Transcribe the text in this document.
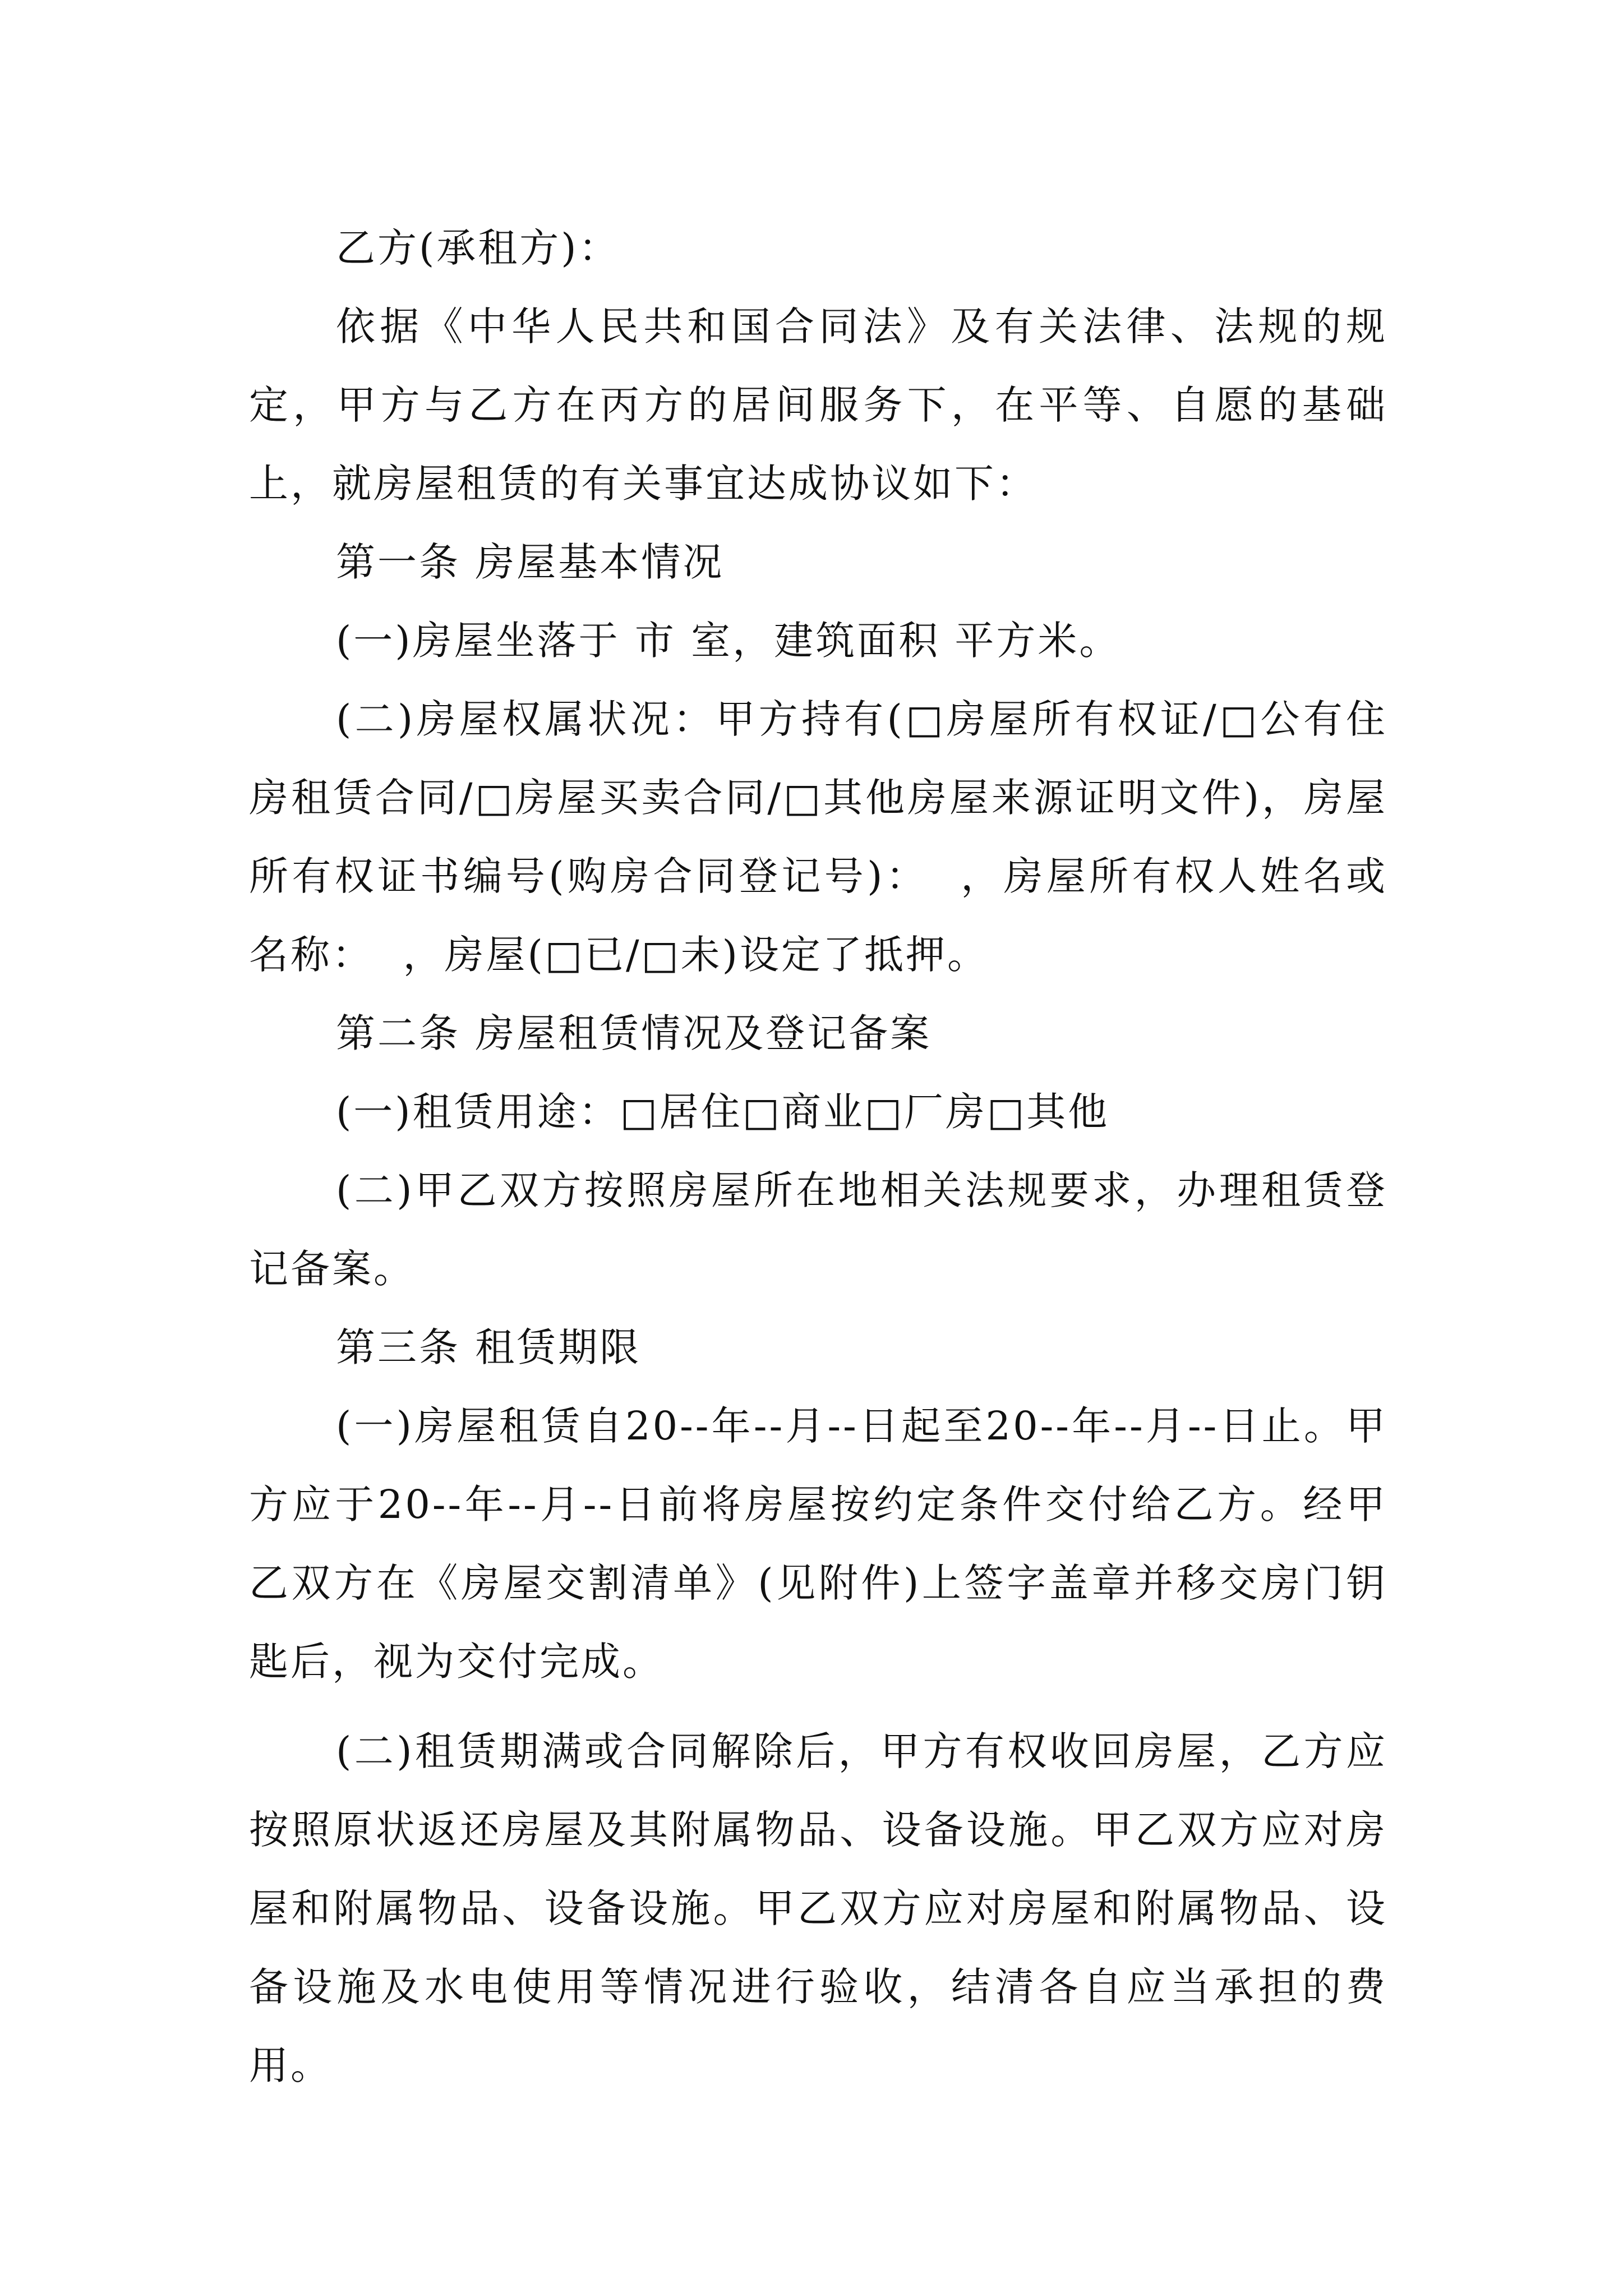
乙方(承租方)：

依据《中华人民共和国合同法》及有关法律、法规的规定，甲方与乙方在丙方的居间服务下，在平等、自愿的基础上，就房屋租赁的有关事宜达成协议如下：

第一条 房屋基本情况

(一)房屋坐落于 市 室，建筑面积 平方米。

(二)房屋权属状况：甲方持有(□房屋所有权证/□公有住房租赁合同/□房屋买卖合同/□其他房屋来源证明文件)，房屋所有权证书编号(购房合同登记号)：  ，房屋所有权人姓名或名称：  ，房屋(□已/□未)设定了抵押。

第二条 房屋租赁情况及登记备案

(一)租赁用途：□居住□商业□厂房□其他

(二)甲乙双方按照房屋所在地相关法规要求，办理租赁登记备案。

第三条 租赁期限

(一)房屋租赁自20--年--月--日起至20--年--月--日止。甲方应于20--年--月--日前将房屋按约定条件交付给乙方。经甲乙双方在《房屋交割清单》(见附件)上签字盖章并移交房门钥匙后，视为交付完成。

(二)租赁期满或合同解除后，甲方有权收回房屋，乙方应按照原状返还房屋及其附属物品、设备设施。甲乙双方应对房屋和附属物品、设备设施。甲乙双方应对房屋和附属物品、设备设施及水电使用等情况进行验收，结清各自应当承担的费用。
